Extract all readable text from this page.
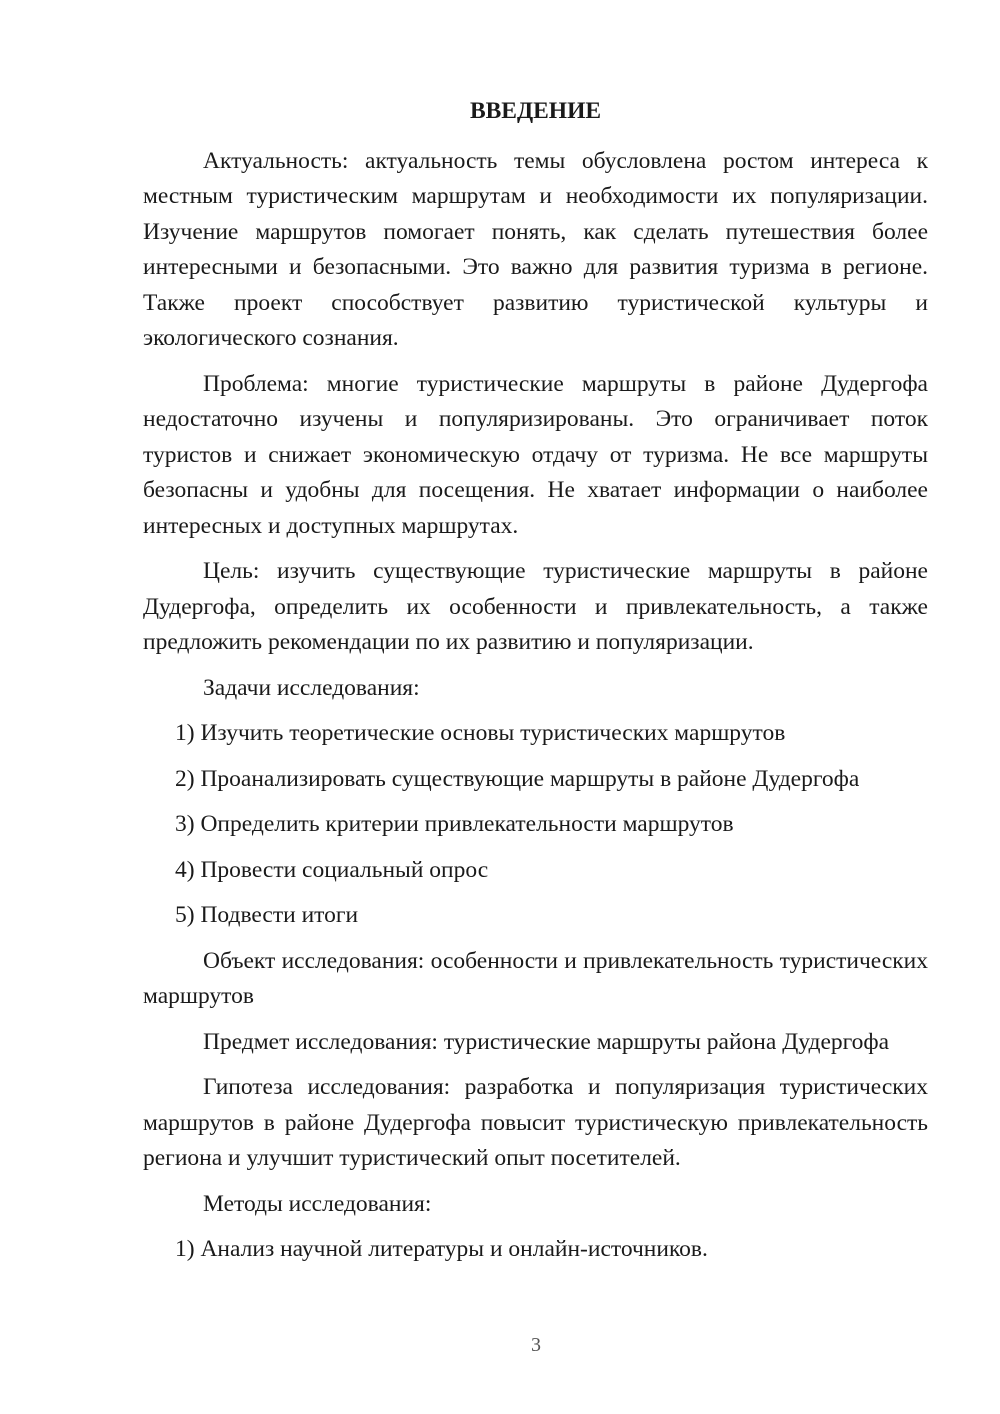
ВВЕДЕНИЕ

Актуальность: актуальность темы обусловлена ростом интереса к местным туристическим маршрутам и необходимости их популяризации. Изучение маршрутов помогает понять, как сделать путешествия более интересными и безопасными. Это важно для развития туризма в регионе. Также проект способствует развитию туристической культуры и экологического сознания.

Проблема: многие туристические маршруты в районе Дудергофа недостаточно изучены и популяризированы. Это ограничивает поток туристов и снижает экономическую отдачу от туризма. Не все маршруты безопасны и удобны для посещения. Не хватает информации о наиболее интересных и доступных маршрутах.

Цель: изучить существующие туристические маршруты в районе Дудергофа, определить их особенности и привлекательность, а также предложить рекомендации по их развитию и популяризации.

Задачи исследования:

1) Изучить теоретические основы туристических маршрутов
2) Проанализировать существующие маршруты в районе Дудергофа
3) Определить критерии привлекательности маршрутов
4) Провести социальный опрос
5) Подвести итоги

Объект исследования: особенности и привлекательность туристических маршрутов

Предмет исследования: туристические маршруты района Дудергофа

Гипотеза исследования: разработка и популяризация туристических маршрутов в районе Дудергофа повысит туристическую привлекательность региона и улучшит туристический опыт посетителей.

Методы исследования:

1) Анализ научной литературы и онлайн-источников.
3
